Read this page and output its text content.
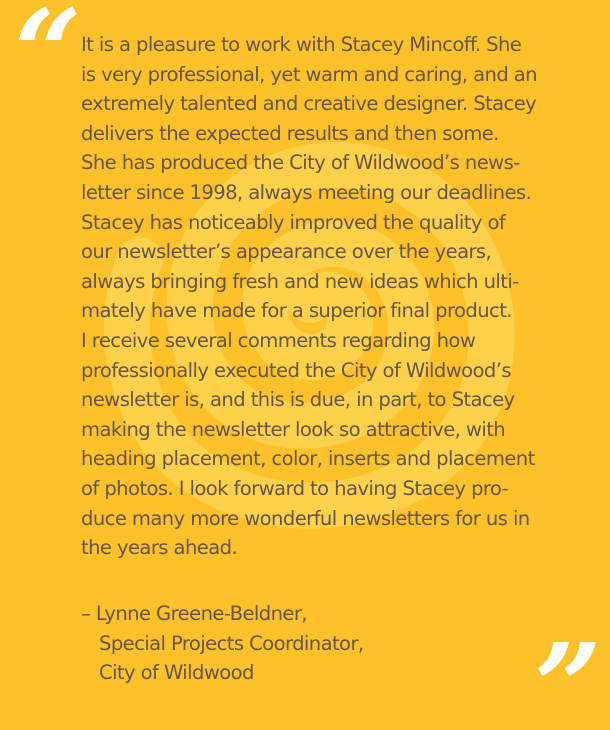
“ It is a pleasure to work with Stacey Mincoff. She
is very professional, yet warm and caring, and an
extremely talented and creative designer. Stacey
delivers the expected results and then some.
She has produced the City of Wildwood’s news-
letter since 1998, always meeting our deadlines.
Stacey has noticeably improved the quality of
our newsletter’s appearance over the years,
always bringing fresh and new ideas which ulti-
mately have made for a superior final product.
I receive several comments regarding how
professionally executed the City of Wildwood’s
newsletter is, and this is due, in part, to Stacey
making the newsletter look so attractive, with
heading placement, color, inserts and placement
of photos. I look forward to having Stacey pro-
duce many more wonderful newsletters for us in
the years ahead.
– Lynne Greene-Beldner,
Special Projects Coordinator,
City of Wildwood	”
